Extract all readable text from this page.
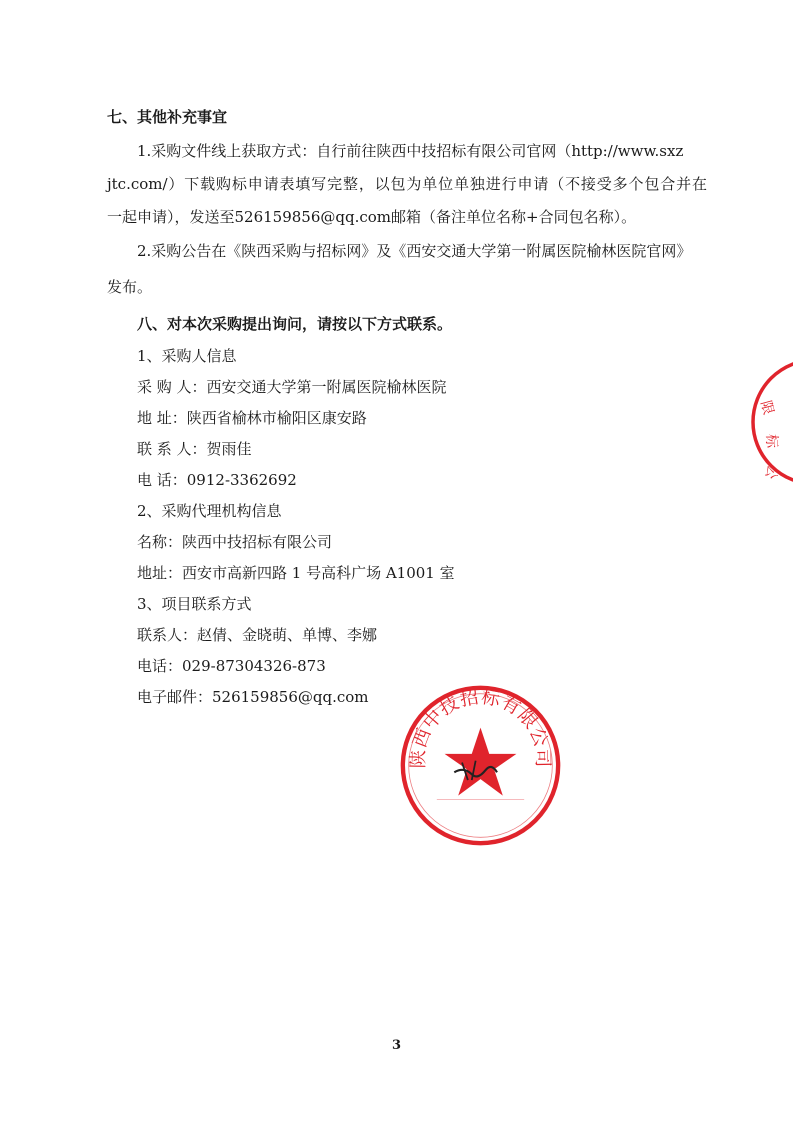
七、其他补充事宜
1.采购文件线上获取方式：自行前往陕西中技招标有限公司官网（http://www.sxz
jtc.com/）下载购标申请表填写完整，以包为单位单独进行申请（不接受多个包合并在
一起申请），发送至526159856@qq.com邮箱（备注单位名称+合同包名称）。
2.采购公告在《陕西采购与招标网》及《西安交通大学第一附属医院榆林医院官网》
发布。
八、对本次采购提出询问，请按以下方式联系。
1、采购人信息
采 购 人：西安交通大学第一附属医院榆林医院
地 址：陕西省榆林市榆阳区康安路
联 系 人：贺雨佳
电 话：0912-3362692
2、采购代理机构信息
名称：陕西中技招标有限公司
地址：西安市高新四路 1 号高科广场 A1001 室
3、项目联系方式
联系人：赵倩、金晓萌、单博、李娜
电话：029-87304326-873
电子邮件：526159856@qq.com
陕西中技招标有限公司
限
标
公
3
